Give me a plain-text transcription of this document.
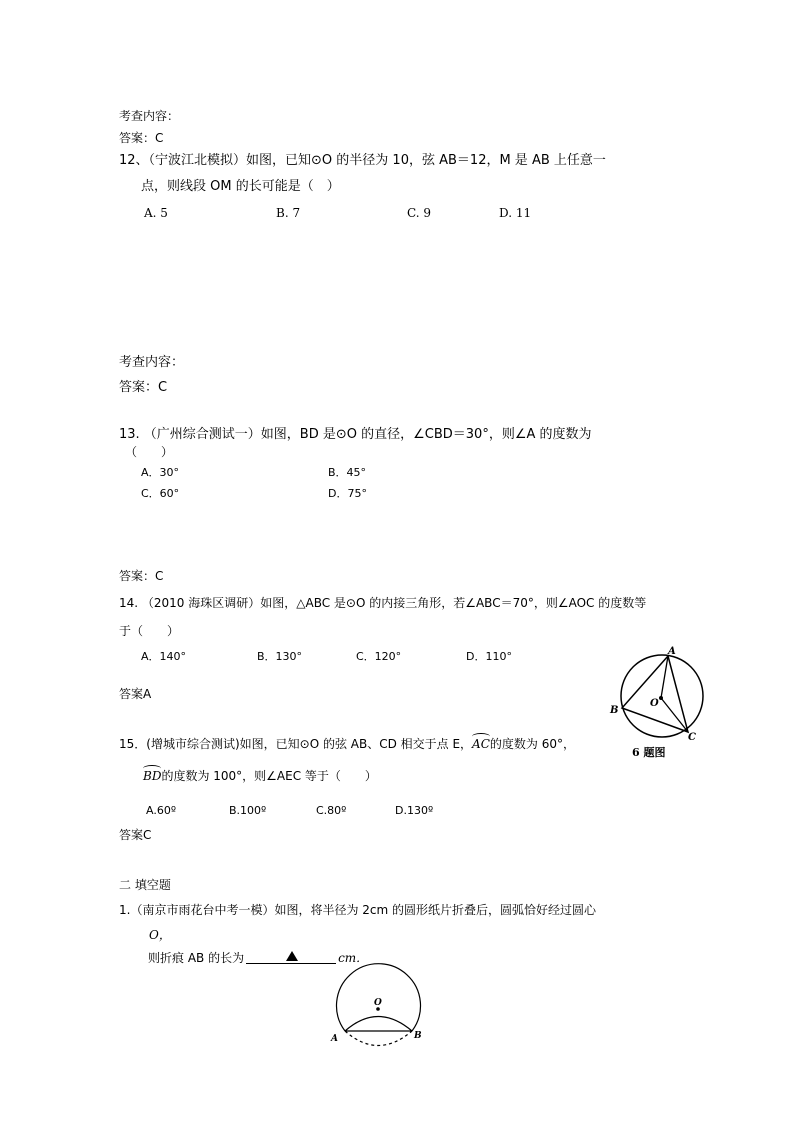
考查内容：
答案：C
12、（宁波江北模拟）如图，已知⊙O 的半径为 10，弦 AB＝12，M 是 AB 上任意一
点，则线段 OM 的长可能是（　）
A. 5	B. 7	C. 9	D. 11
考查内容：
答案：C
13. （广州综合测试一）如图，BD 是⊙O 的直径，∠CBD＝30°，则∠A 的度数为
（　　）
A．30°	B．45°
C．60°	D．75°
答案：C
14. （2010 海珠区调研）如图，△ABC 是⊙O 的内接三角形，若∠ABC＝70°，则∠AOC 的度数等
于（　　）
A．140°	B．130°	C．120°	D．110°
答案A
A
B
C
O
6 题图
15．(增城市综合测试)如图，已知⊙O 的弦 AB、CD 相交于点 E，AC的度数为 60°，
BD的度数为 100°，则∠AEC 等于（　　）
A.60º	B.100º	C.80º	D.130º
答案C
二 填空题
1.（南京市雨花台中考一模）如图，将半径为 2cm 的圆形纸片折叠后，圆弧恰好经过圆心
O，
则折痕 AB 的长为	cm．
O
A	B
